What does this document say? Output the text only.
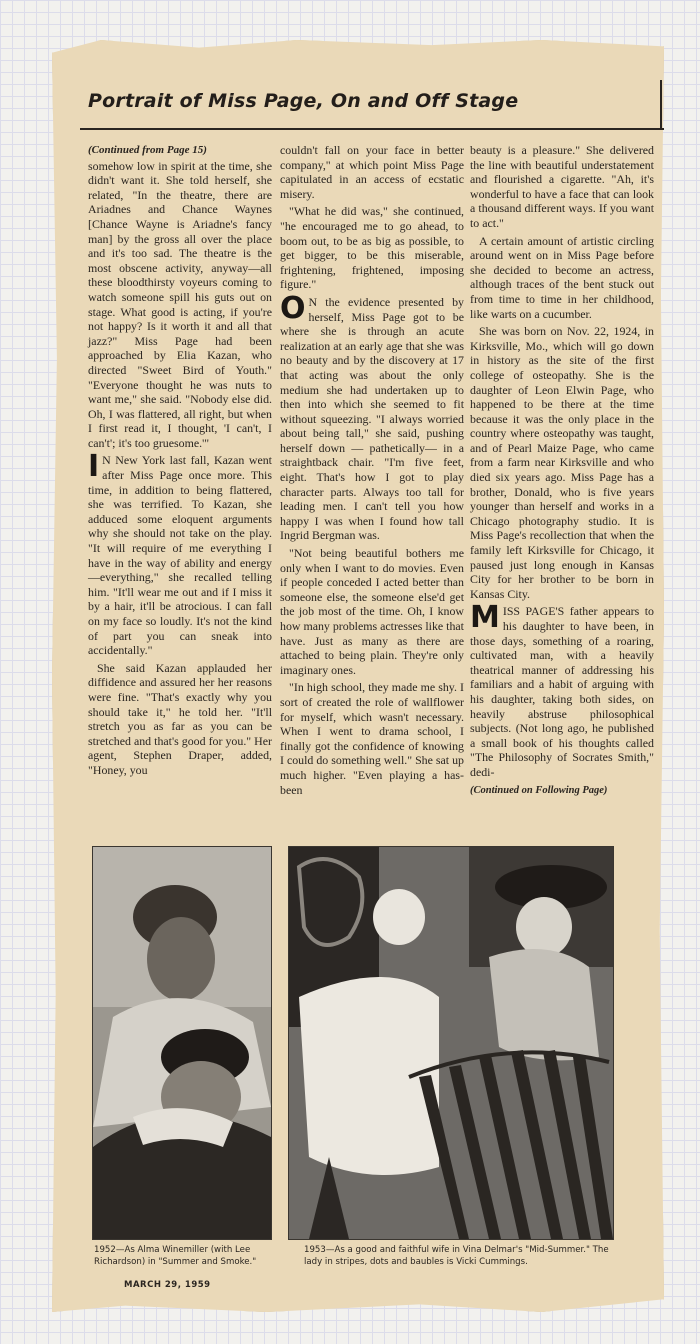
Portrait of Miss Page, On and Off Stage

(Continued from Page 15)

somehow low in spirit at the time, she didn't want it. She told herself, she related, "In the theatre, there are Ariadnes and Chance Waynes [Chance Wayne is Ariadne's fancy man] by the gross all over the place and it's too sad. The theatre is the most obscene activity, anyway—all these bloodthirsty voyeurs coming to watch someone spill his guts out on stage. What good is acting, if you're not happy? Is it worth it and all that jazz?" Miss Page had been approached by Elia Kazan, who directed "Sweet Bird of Youth." "Everyone thought he was nuts to want me," she said. "Nobody else did. Oh, I was flattered, all right, but when I first read it, I thought, 'I can't, I can't'; it's too gruesome.'"

I N New York last fall, Kazan went after Miss Page once more. This time, in addition to being flattered, she was terrified. To Kazan, she adduced some eloquent arguments why she should not take on the play. "It will require of me everything I have in the way of ability and energy—everything," she recalled telling him. "It'll wear me out and if I miss it by a hair, it'll be atrocious. I can fall on my face so loudly. It's not the kind of part you can sneak into accidentally."

She said Kazan applauded her diffidence and assured her her reasons were fine. "That's exactly why you should take it," he told her. "It'll stretch you as far as you can be stretched and that's good for you." Her agent, Stephen Draper, added, "Honey, you

couldn't fall on your face in better company," at which point Miss Page capitulated in an access of ecstatic misery.

"What he did was," she continued, "he encouraged me to go ahead, to boom out, to be as big as possible, to get bigger, to be this miserable, frightening, frightened, imposing figure."

O N the evidence presented by herself, Miss Page got to be where she is through an acute realization at an early age that she was no beauty and by the discovery at 17 that acting was about the only medium she had undertaken up to then into which she seemed to fit without squeezing. "I always worried about being tall," she said, pushing herself down — pathetically— in a straightback chair. "I'm five feet, eight. That's how I got to play character parts. Always too tall for leading men. I can't tell you how happy I was when I found how tall Ingrid Bergman was.

"Not being beautiful bothers me only when I want to do movies. Even if people conceded I acted better than someone else, the someone else'd get the job most of the time. Oh, I know how many problems actresses like that have. Just as many as there are attached to being plain. They're only imaginary ones.

"In high school, they made me shy. I sort of created the role of wallflower for myself, which wasn't necessary. When I went to drama school, I finally got the confidence of knowing I could do something well." She sat up much higher. "Even playing a has-been

beauty is a pleasure." She delivered the line with beautiful understatement and flourished a cigarette. "Ah, it's wonderful to have a face that can look a thousand different ways. If you want to act."

A certain amount of artistic circling around went on in Miss Page before she decided to become an actress, although traces of the bent stuck out from time to time in her childhood, like warts on a cucumber.

She was born on Nov. 22, 1924, in Kirksville, Mo., which will go down in history as the site of the first college of osteopathy. She is the daughter of Leon Elwin Page, who happened to be there at the time because it was the only place in the country where osteopathy was taught, and of Pearl Maize Page, who came from a farm near Kirksville and who died six years ago. Miss Page has a brother, Donald, who is five years younger than herself and works in a Chicago photography studio. It is Miss Page's recollection that when the family left Kirksville for Chicago, it paused just long enough in Kansas City for her brother to be born in Kansas City.

MISS PAGE'S father appears to his daughter to have been, in those days, something of a roaring, cultivated man, with a heavily theatrical manner of addressing his familiars and a habit of arguing with his daughter, taking both sides, on heavily abstruse philosophical subjects. (Not long ago, he published a small book of his thoughts called "The Philosophy of Socrates Smith," dedi-

(Continued on Following Page)

1952—As Alma Winemiller (with Lee Richardson) in "Summer and Smoke."

1953—As a good and faithful wife in Vina Delmar's "Mid-Summer." The lady in stripes, dots and baubles is Vicki Cummings.

MARCH 29, 1959
